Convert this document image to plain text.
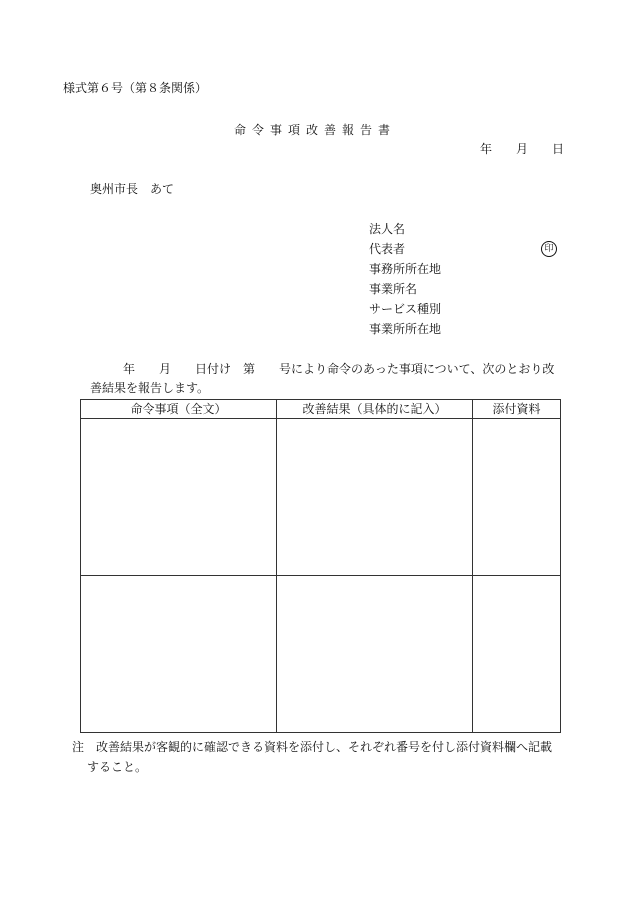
様式第６号（第８条関係）
命令事項改善報告書
年 月 日
奥州市長　あて
法人名
代表者
事務所所在地
事業所名
サービス種別
事業所所在地
印
年　　月　　日付け　第　　号により命令のあった事項について、次のとおり改
善結果を報告します。
命令事項（全文）	改善結果（具体的に記入）	添付資料

注　改善結果が客観的に確認できる資料を添付し、それぞれ番号を付し添付資料欄へ記載
すること。
